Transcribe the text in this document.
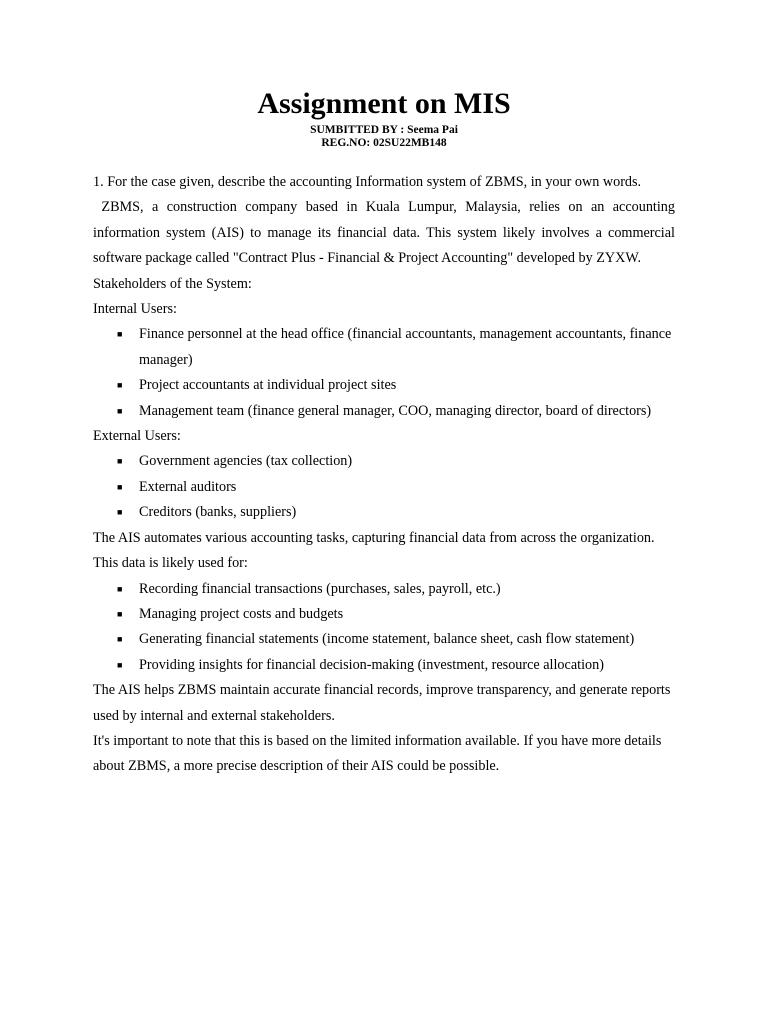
Assignment on MIS
SUMBITTED BY : Seema Pai
REG.NO: 02SU22MB148

1. For the case given, describe the accounting Information system of ZBMS, in your own words.

ZBMS, a construction company based in Kuala Lumpur, Malaysia, relies on an accounting information system (AIS) to manage its financial data. This system likely involves a commercial software package called "Contract Plus - Financial & Project Accounting" developed by ZYXW.

Stakeholders of the System:

Internal Users:

■ Finance personnel at the head office (financial accountants, management accountants, finance manager)
■ Project accountants at individual project sites
■ Management team (finance general manager, COO, managing director, board of directors)

External Users:

■ Government agencies (tax collection)
■ External auditors
■ Creditors (banks, suppliers)

The AIS automates various accounting tasks, capturing financial data from across the organization. This data is likely used for:

■ Recording financial transactions (purchases, sales, payroll, etc.)
■ Managing project costs and budgets
■ Generating financial statements (income statement, balance sheet, cash flow statement)
■ Providing insights for financial decision-making (investment, resource allocation)

The AIS helps ZBMS maintain accurate financial records, improve transparency, and generate reports used by internal and external stakeholders.

It's important to note that this is based on the limited information available. If you have more details about ZBMS, a more precise description of their AIS could be possible.
